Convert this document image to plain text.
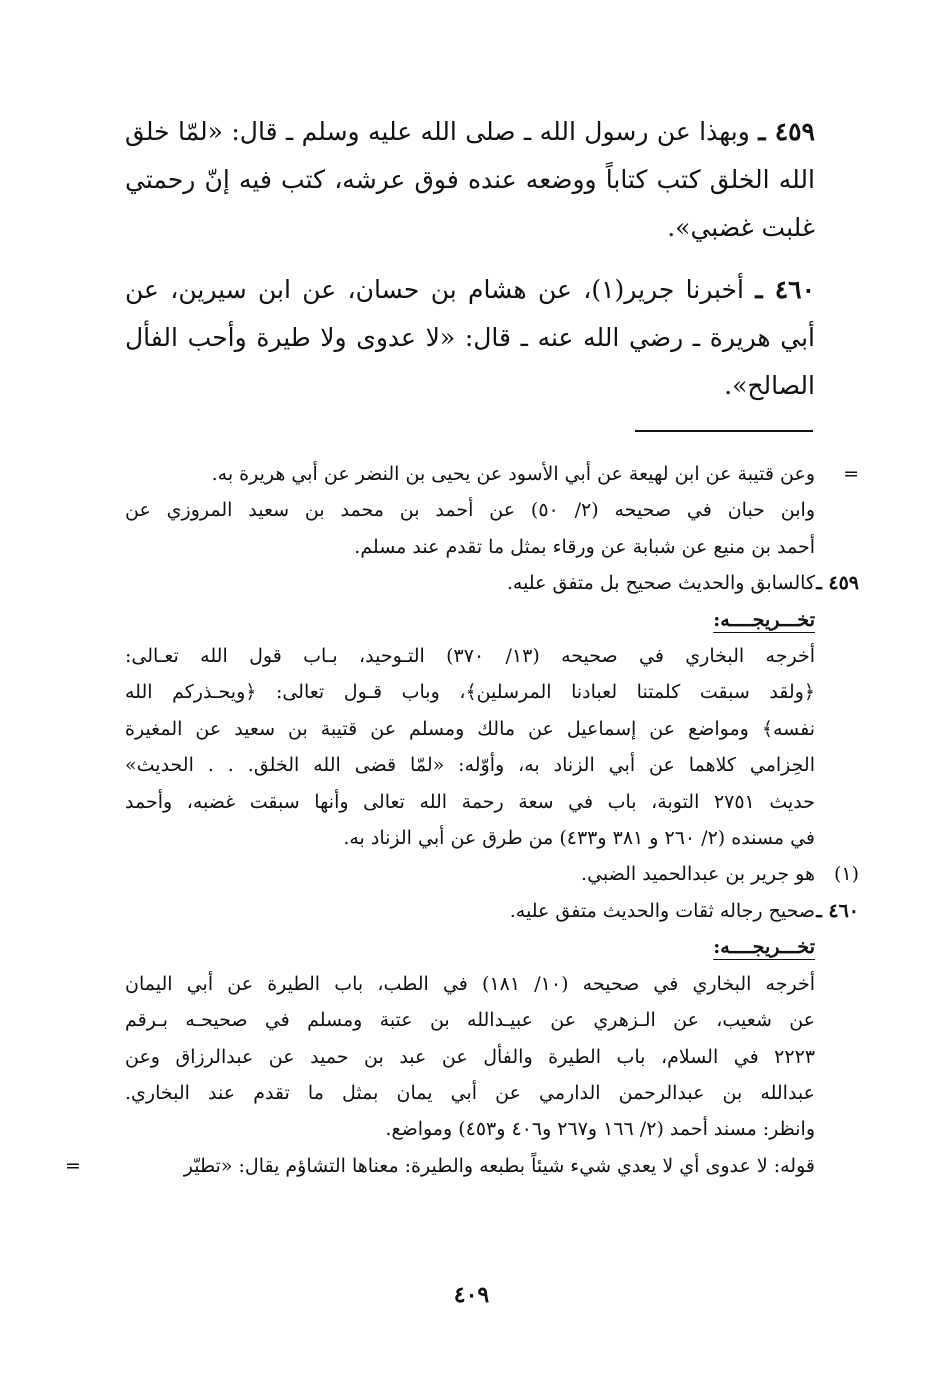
٤٥٩ ـ وبهذا عن رسول الله ـ صلى الله عليه وسلم ـ قال: «لمّا خلق الله الخلق كتب كتاباً ووضعه عنده فوق عرشه، كتب فيه إنّ رحمتي غلبت غضبي».

٤٦٠ ـ أخبرنا جرير(١)، عن هشام بن حسان، عن ابن سيرين، عن أبي هريرة ـ رضي الله عنه ـ قال: «لا عدوى ولا طيرة وأحب الفأل الصالح».

=
وعن قتيبة عن ابن لهيعة عن أبي الأسود عن يحيى بن النضر عن أبي هريرة به.

وابن حبان في صحيحه (٢/ ٥٠) عن أحمد بن محمد بن سعيد المروزي عن

أحمد بن منيع عن شبابة عن ورقاء بمثل ما تقدم عند مسلم.

٤٥٩ ـ
كالسابق والحديث صحيح بل متفق عليه.

تخـــريجــــه:

أخرجه البخاري في صحيحه (١٣/ ٣٧٠) التـوحيد، بـاب قول الله تعـالى:

﴿ولقد سبقت كلمتنا لعبادنا المرسلين﴾، وباب قـول تعالى: ﴿ويحـذركم الله

نفسه﴾ ومواضع عن إسماعيل عن مالك ومسلم عن قتيبة بن سعيد عن المغيرة

الحِزامي كلاهما عن أبي الزناد به، وأوّله: «لمّا قضى الله الخلق. . . الحديث»

حديث ٢٧٥١ التوبة، باب في سعة رحمة الله تعالى وأنها سبقت غضبه، وأحمد

في مسنده (٢/ ٢٦٠ و ٣٨١ و٤٣٣) من طرق عن أبي الزناد به.

(١)
هو جرير بن عبدالحميد الضبي.

٤٦٠ ـ
صحيح رجاله ثقات والحديث متفق عليه.

تخـــريجــــه:

أخرجه البخاري في صحيحه (١٠/ ١٨١) في الطب، باب الطيرة عن أبي اليمان

عن شعيب، عن الـزهري عن عبيـدالله بن عتبة ومسلم في صحيحـه بـرقم

٢٢٢٣ في السلام، باب الطيرة والفأل عن عبد بن حميد عن عبدالرزاق وعن

عبدالله بن عبدالرحمن الدارمي عن أبي يمان بمثل ما تقدم عند البخاري.

وانظر: مسند أحمد (٢/ ١٦٦ و٢٦٧ و٤٠٦ و٤٥٣) ومواضع.

قوله: لا عدوى أي لا يعدي شيء شيئاً بطبعه والطيرة: معناها التشاؤم يقال: «تطيّر
=

٤٠٩
